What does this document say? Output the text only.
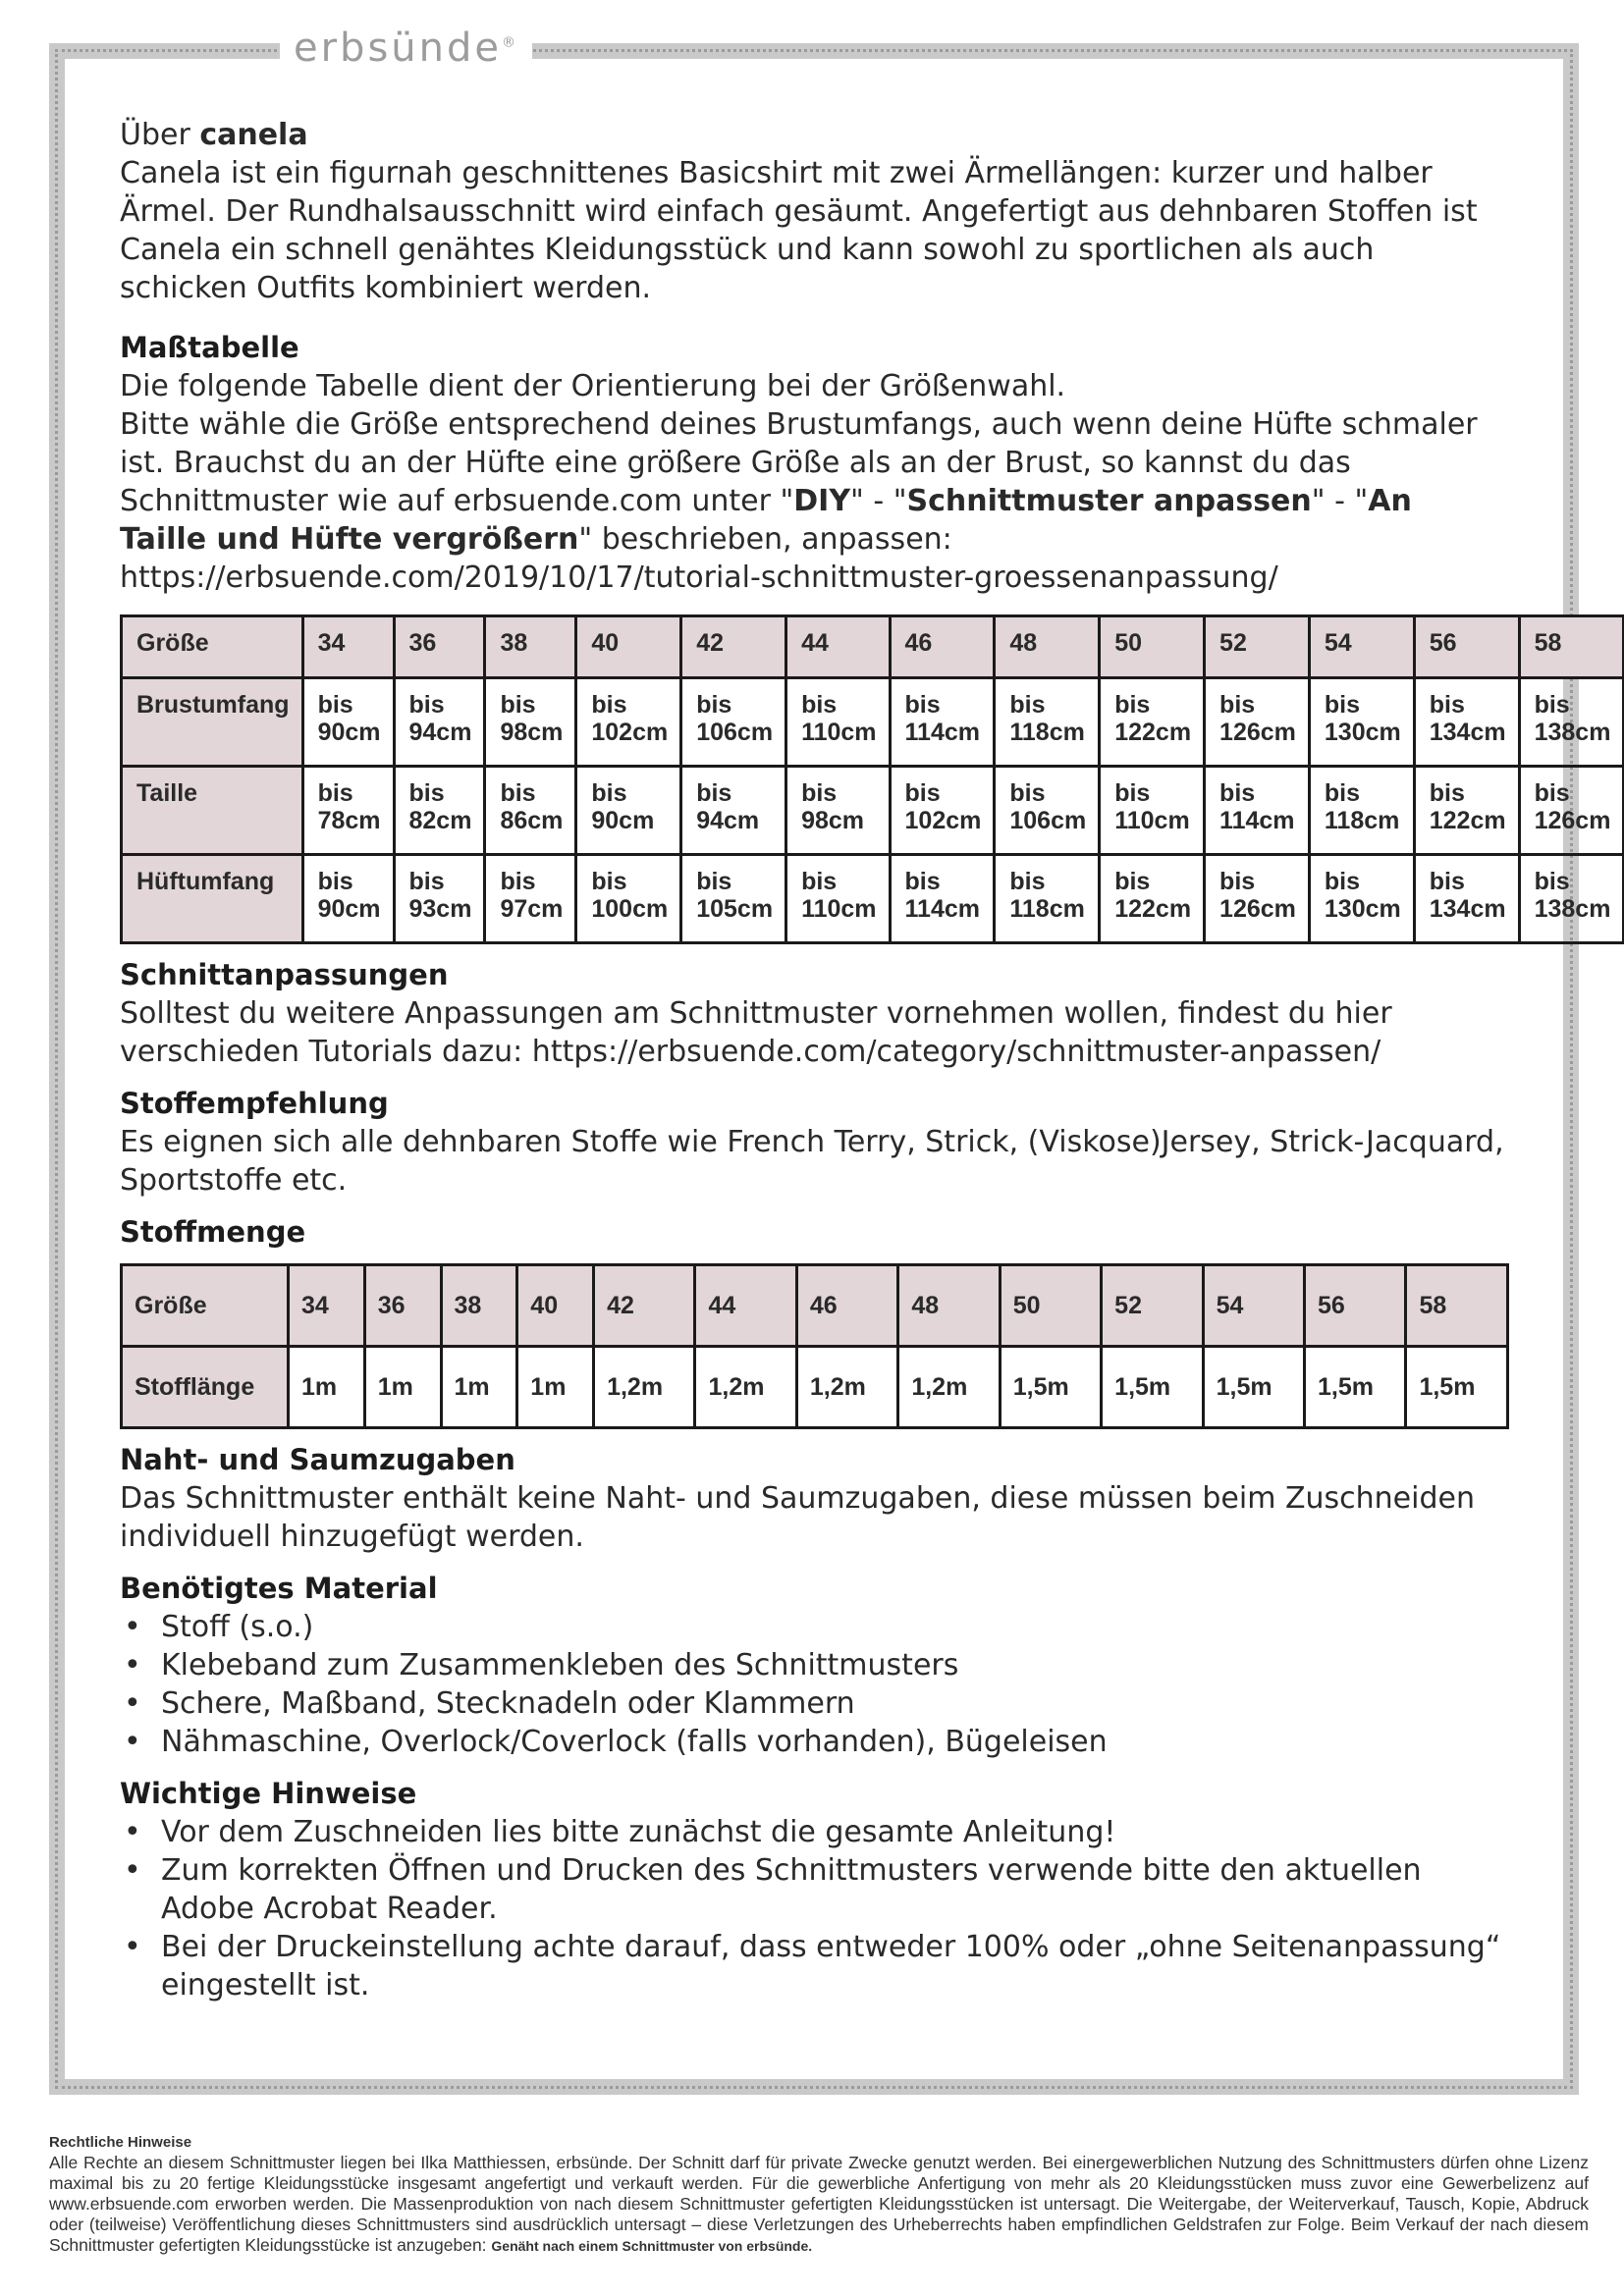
erbsünde®

Über canela

Canela ist ein figurnah geschnittenes Basicshirt mit zwei Ärmellängen: kurzer und halber Ärmel. Der Rundhalsausschnitt wird einfach gesäumt. Angefertigt aus dehnbaren Stoffen ist Canela ein schnell genähtes Kleidungsstück und kann sowohl zu sportlichen als auch schicken Outfits kombiniert werden.

Maßtabelle

Die folgende Tabelle dient der Orientierung bei der Größenwahl.

Bitte wähle die Größe entsprechend deines Brustumfangs, auch wenn deine Hüfte schmaler ist. Brauchst du an der Hüfte eine größere Größe als an der Brust, so kannst du das Schnittmuster wie auf erbsuende.com unter "DIY" - "Schnittmuster anpassen" - "An Taille und Hüfte vergrößern" beschrieben, anpassen: https://erbsuende.com/2019/10/17/tutorial-schnittmuster-groessenanpassung/

Größe	34	36	38	40	42	44	46	48	50	52	54	56	58
Brustumfang	bis 90cm	bis 94cm	bis 98cm	bis 102cm	bis 106cm	bis 110cm	bis 114cm	bis 118cm	bis 122cm	bis 126cm	bis 130cm	bis 134cm	bis 138cm
Taille	bis 78cm	bis 82cm	bis 86cm	bis 90cm	bis 94cm	bis 98cm	bis 102cm	bis 106cm	bis 110cm	bis 114cm	bis 118cm	bis 122cm	bis 126cm
Hüftumfang	bis 90cm	bis 93cm	bis 97cm	bis 100cm	bis 105cm	bis 110cm	bis 114cm	bis 118cm	bis 122cm	bis 126cm	bis 130cm	bis 134cm	bis 138cm
Schnittanpassungen

Solltest du weitere Anpassungen am Schnittmuster vornehmen wollen, findest du hier verschieden Tutorials dazu: https://erbsuende.com/category/schnittmuster-anpassen/

Stoffempfehlung

Es eignen sich alle dehnbaren Stoffe wie French Terry, Strick, (Viskose)Jersey, Strick-Jacquard, Sportstoffe etc.

Stoffmenge
Größe	34	36	38	40	42	44	46	48	50	52	54	56	58
Stofflänge	1m	1m	1m	1m	1,2m	1,2m	1,2m	1,2m	1,5m	1,5m	1,5m	1,5m	1,5m
Naht- und Saumzugaben

Das Schnittmuster enthält keine Naht- und Saumzugaben, diese müssen beim Zuschneiden individuell hinzugefügt werden.

Benötigtes Material
• Stoff (s.o.)
• Klebeband zum Zusammenkleben des Schnittmusters
• Schere, Maßband, Stecknadeln oder Klammern
• Nähmaschine, Overlock/Coverlock (falls vorhanden), Bügeleisen
Wichtige Hinweise
• Vor dem Zuschneiden lies bitte zunächst die gesamte Anleitung!
• Zum korrekten Öffnen und Drucken des Schnittmusters verwende bitte den aktuellen Adobe Acrobat Reader.
• Bei der Druckeinstellung achte darauf, dass entweder 100% oder „ohne Seitenanpassung“ eingestellt ist.
Rechtliche Hinweise
Alle Rechte an diesem Schnittmuster liegen bei Ilka Matthiessen, erbsünde. Der Schnitt darf für private Zwecke genutzt werden. Bei einergewerblichen Nutzung des Schnittmusters dürfen ohne Lizenz maximal bis zu 20 fertige Kleidungsstücke insgesamt angefertigt und verkauft werden. Für die gewerbliche Anfertigung von mehr als 20 Kleidungsstücken muss zuvor eine Gewerbelizenz auf www.erbsuende.com erworben werden. Die Massenproduktion von nach diesem Schnittmuster gefertigten Kleidungsstücken ist untersagt. Die Weitergabe, der Weiterverkauf, Tausch, Kopie, Abdruck oder (teilweise) Veröffentlichung dieses Schnittmusters sind ausdrücklich untersagt – diese Verletzungen des Urheberrechts haben empfindlichen Geldstrafen zur Folge. Beim Verkauf der nach diesem Schnittmuster gefertigten Kleidungsstücke ist anzugeben: Genäht nach einem Schnittmuster von erbsünde.
